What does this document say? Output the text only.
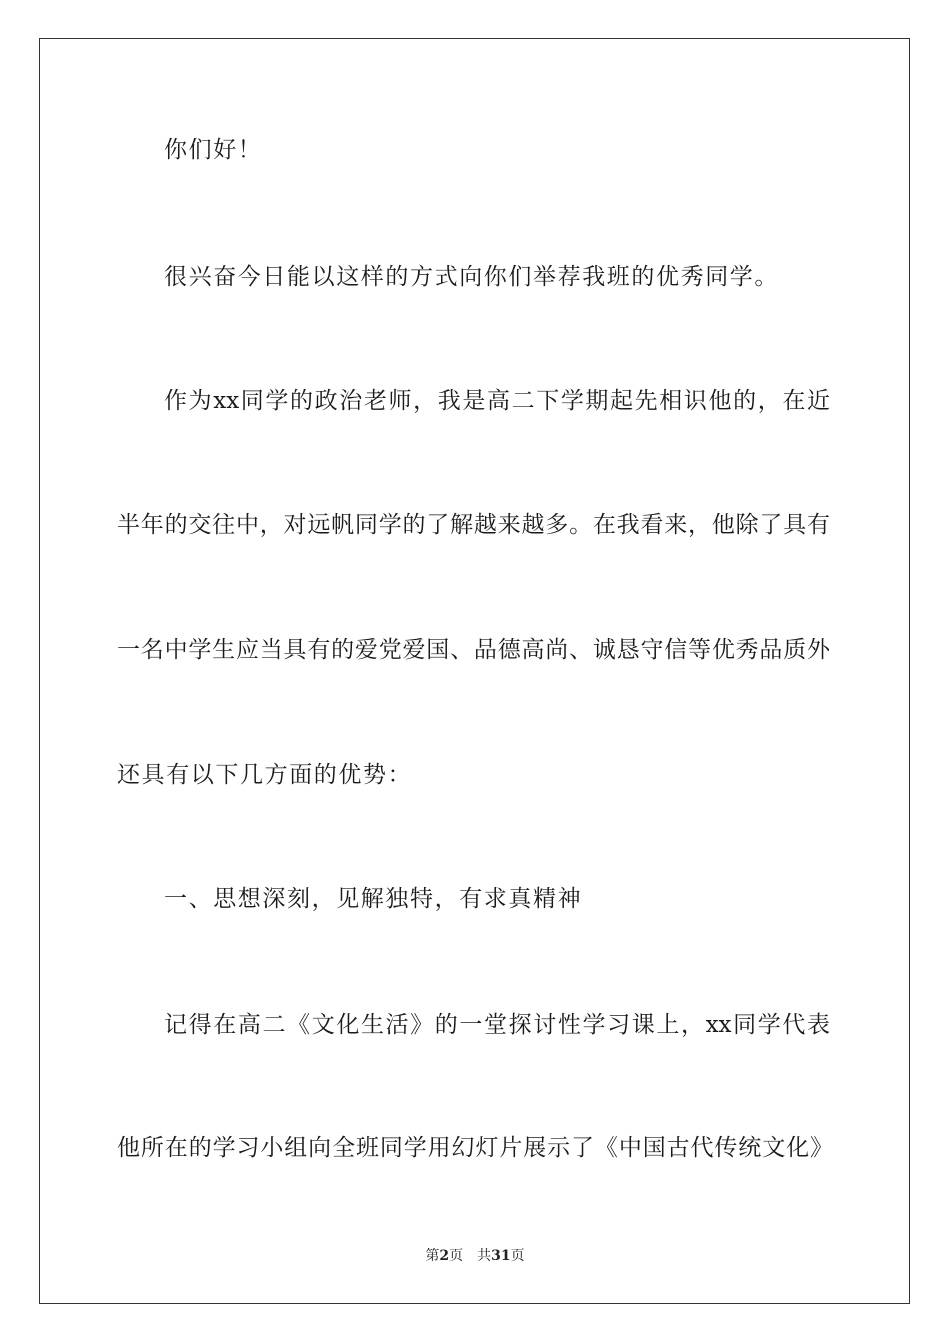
你们好！
很兴奋今日能以这样的方式向你们举荐我班的优秀同学。
作为xx同学的政治老师，我是高二下学期起先相识他的，在近
半年的交往中，对远帆同学的了解越来越多。在我看来，他除了具有
一名中学生应当具有的爱党爱国、品德高尚、诚恳守信等优秀品质外
还具有以下几方面的优势：
一、思想深刻，见解独特，有求真精神
记得在高二《文化生活》的一堂探讨性学习课上，xx同学代表
他所在的学习小组向全班同学用幻灯片展示了《中国古代传统文化》
第2页 共31页
